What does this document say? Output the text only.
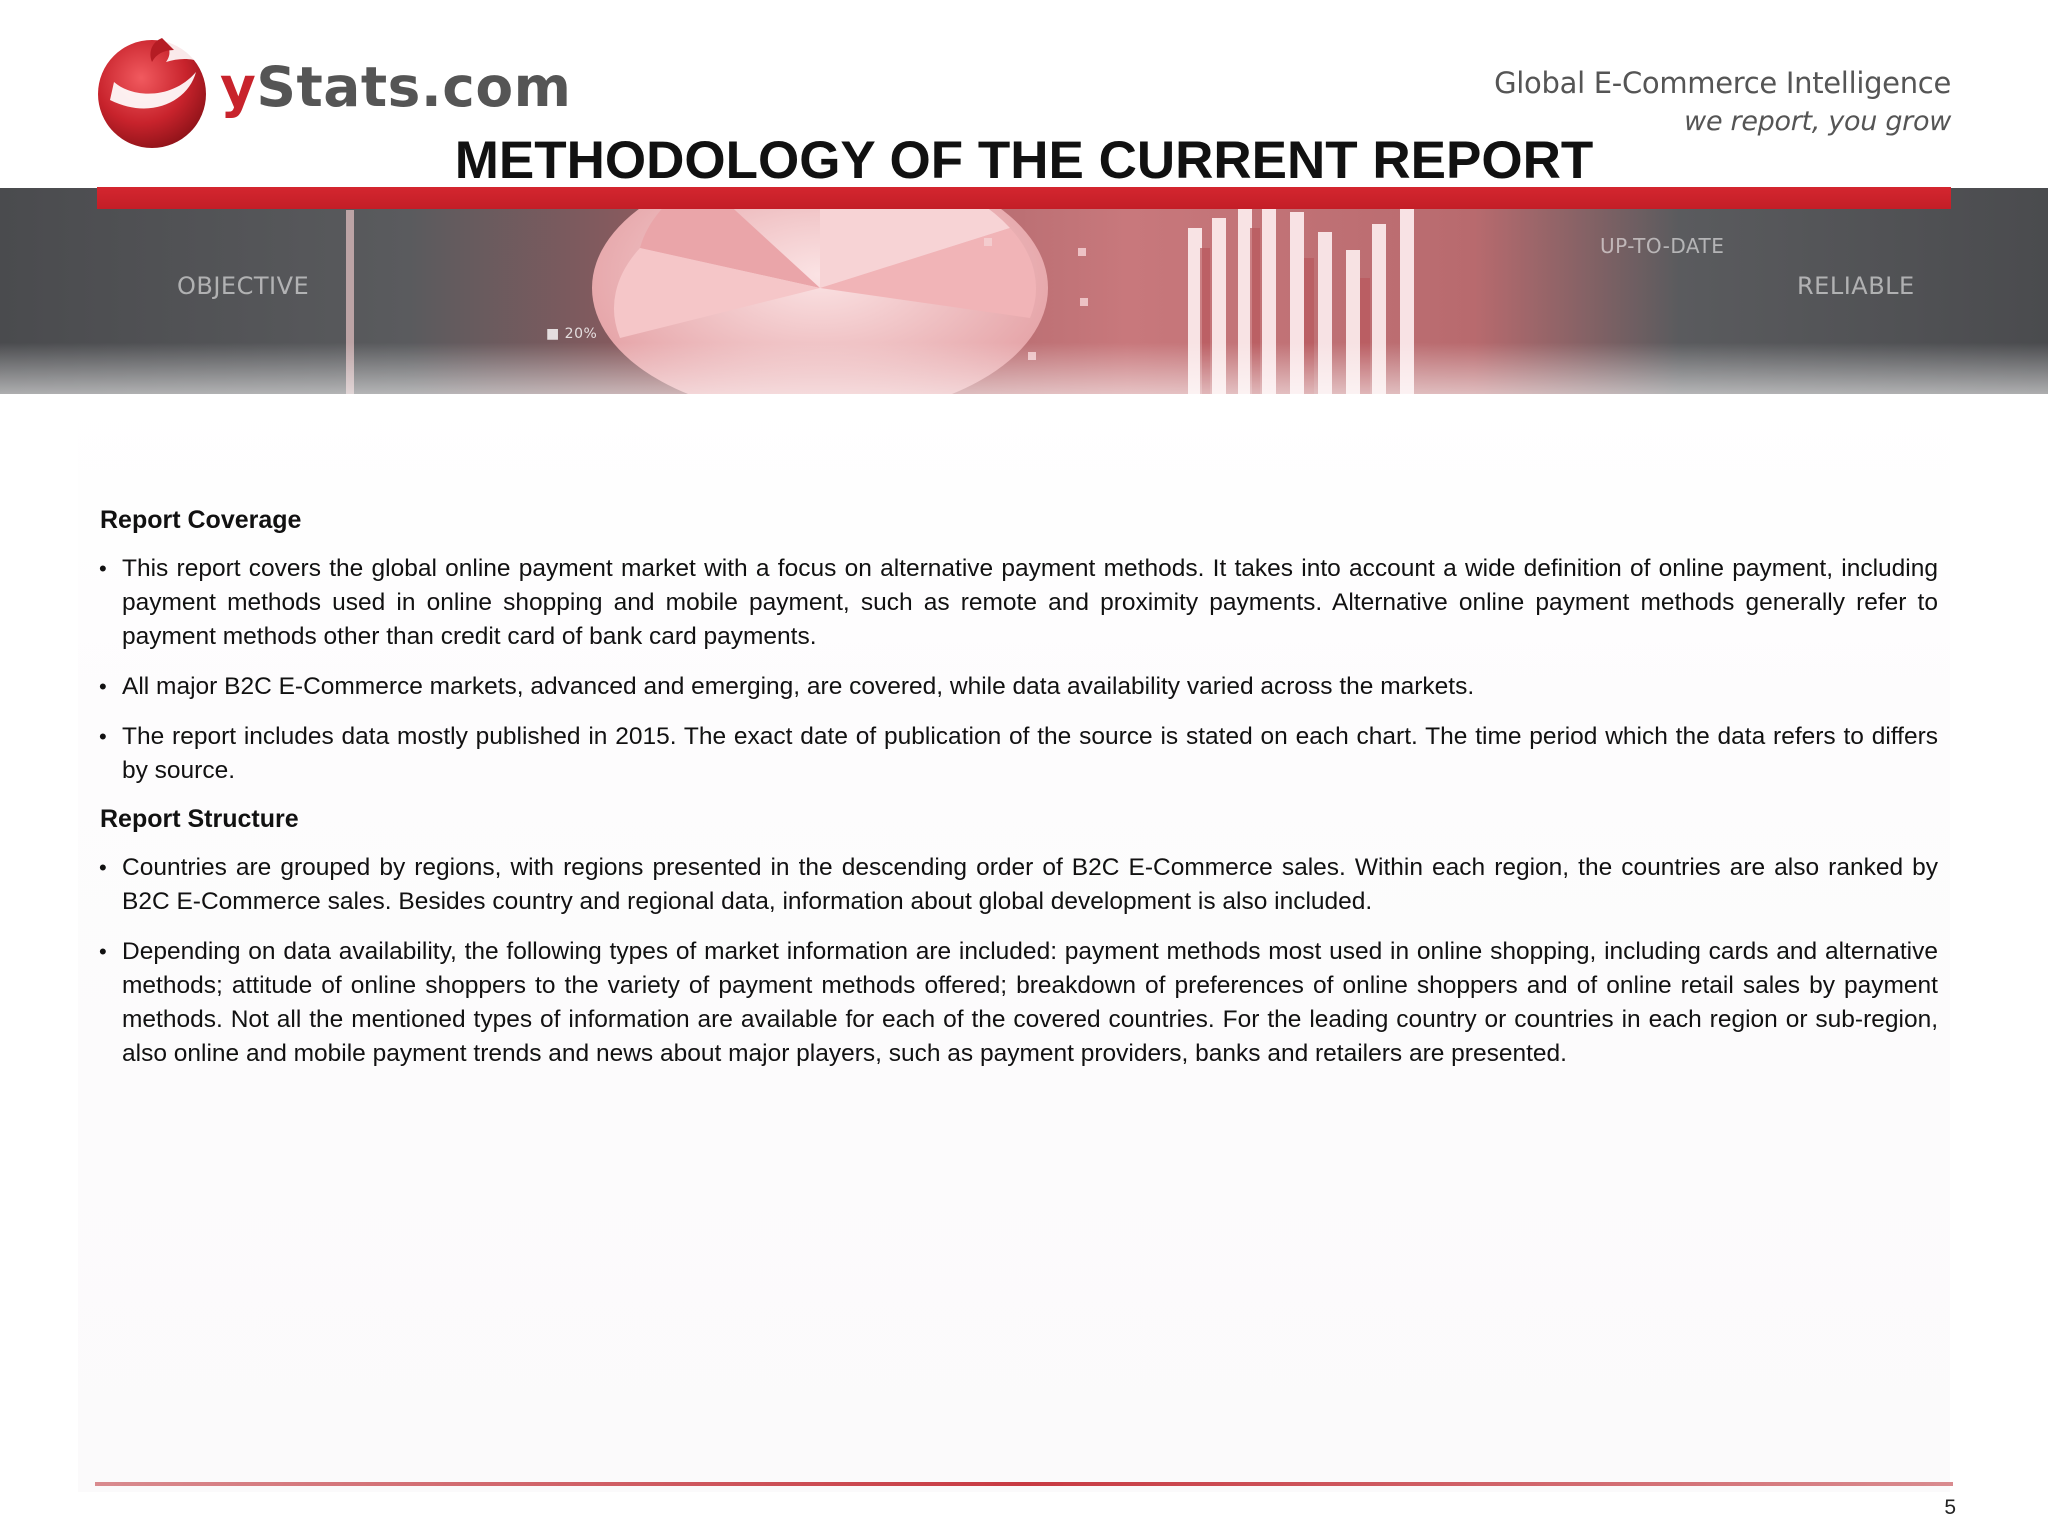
yStats.com	Global E-Commerce Intelligence
we report, you grow
OBJECTIVE
UP-TO-DATE
RELIABLE
■ 20%
METHODOLOGY OF THE CURRENT REPORT
Report Coverage
• This report covers the global online payment market with a focus on alternative payment methods. It takes into account a wide definition of online payment, including payment methods used in online shopping and mobile payment, such as remote and proximity payments. Alternative online payment methods generally refer to payment methods other than credit card of bank card payments.
• All major B2C E-Commerce markets, advanced and emerging, are covered, while data availability varied across the markets.
• The report includes data mostly published in 2015. The exact date of publication of the source is stated on each chart. The time period which the data refers to differs by source.
Report Structure
• Countries are grouped by regions, with regions presented in the descending order of B2C E-Commerce sales. Within each region, the countries are also ranked by B2C E-Commerce sales. Besides country and regional data, information about global development is also included.
• Depending on data availability, the following types of market information are included: payment methods most used in online shopping, including cards and alternative methods; attitude of online shoppers to the variety of payment methods offered; breakdown of preferences of online shoppers and of online retail sales by payment methods. Not all the mentioned types of information are available for each of the covered countries. For the leading country or countries in each region or sub-region, also online and mobile payment trends and news about major players, such as payment providers, banks and retailers are presented.
5
